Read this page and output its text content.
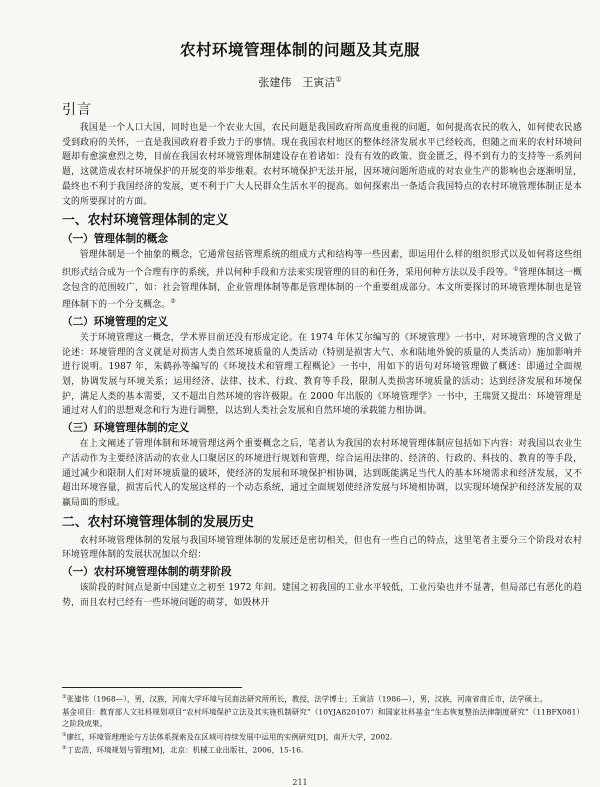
农村环境管理体制的问题及其克服
张建伟　王寅洁①
引言

我国是一个人口大国，同时也是一个农业大国，农民问题是我国政府所高度重视的问题，如何提高农民的收入，如何使农民感受到政府的关怀，一直是我国政府着手致力于的事情。现在我国农村地区的整体经济发展水平已经较高，但随之而来的农村环境问题却有愈演愈烈之势，目前在我国农村环境管理体制建设存在着诸如：没有有效的政策、资金匮乏，得不到有力的支持等一系列问题，这就造成农村环境保护的开展变的举步维艰。农村环境保护无法开展，因环境问题所造成的对农业生产的影响也会逐渐明显，最终也不利于我国经济的发展，更不利于广大人民群众生活水平的提高。如何探索出一条适合我国特点的农村环境管理体制正是本文的所要探讨的方面。

一、农村环境管理体制的定义
（一）管理体制的概念

管理体制是一个抽象的概念，它通常包括管理系统的组成方式和结构等一些因素，即运用什么样的组织形式以及如何将这些组织形式结合成为一个合理有序的系统，并以何种手段和方法来实现管理的目的和任务，采用何种方法以及手段等。①管理体制这一概念包含的范围较广，如：社会管理体制，企业管理体制等都是管理体制的一个重要组成部分。本文所要探讨的环境管理体制也是管理体制下的一个分支概念。②

（二）环境管理的定义

关于环境管理这一概念，学术界目前还没有形成定论。在 1974 年休艾尔编写的《环境管理》一书中，对环境管理的含义做了论述：环境管理的含义就是对损害人类自然环境质量的人类活动（特别是损害大气、水和陆地外貌的质量的人类活动）施加影响并进行说明。1987 年，朱鹤孙等编写的《环境技术和管理工程概论》一书中，用如下的语句对环境管理做了概述：即通过全面规划，协调发展与环境关系；运用经济、法律、技术、行政、教育等手段，限制人类损害环境质量的活动；达到经济发展和环境保护，满足人类的基本需要，又不超出自然环境的容许极限。在 2000 年出版的《环境管理学》一书中，王瑞贤又提出：环境管理是通过对人们的思想观念和行为进行调整，以达到人类社会发展和自然环境的承载能力相协调。

（三）环境管理体制的定义

在上文阐述了管理体制和环境管理这两个重要概念之后，笔者认为我国的农村环境管理体制应包括如下内容：对我国以农业生产活动作为主要经济活动的农业人口聚居区的环境进行规划和管理，综合运用法律的、经济的、行政的、科技的、教育的等手段，通过减少和限制人们对环境质量的破坏，使经济的发展和环境保护相协调，达到既能满足当代人的基本环境需求和经济发展，又不超出环境容量，损害后代人的发展这样的一个动态系统，通过全面规划使经济发展与环境相协调，以实现环境保护和经济发展的双赢局面的形成。

二、农村环境管理体制的发展历史

农村环境管理体制的发展与我国环境管理体制的发展还是密切相关，但也有一些自己的特点，这里笔者主要分三个阶段对农村环境管理体制的发展状况加以介绍：

（一）农村环境管理体制的萌芽阶段

该阶段的时间点是新中国建立之初至 1972 年间。建国之初我国的工业水平较低，工业污染也并不显著，但局部已有恶化的趋势，而且农村已经有一些环境问题的萌芽，如毁林开

①张建伟（1968—），男，汉族，河南大学环境与民商法研究所所长，教授，法学博士；王寅洁（1986—），男，汉族，河南省商丘市，法学硕士。

基金项目：教育部人文社科规划项目“农村环境保护立法及其实施机制研究”（10YJA820107）和国家社科基金“生态恢复整治法律制度研究”（11BFX081）之阶段成果。

①廖红，环境管理理论与方法体系探索及在区域可持续发展中运用的实例研究[D]，南开大学，2002.

②丁忠浩，环境规划与管理[M]，北京：机械工业出版社，2006，15-16.

211
